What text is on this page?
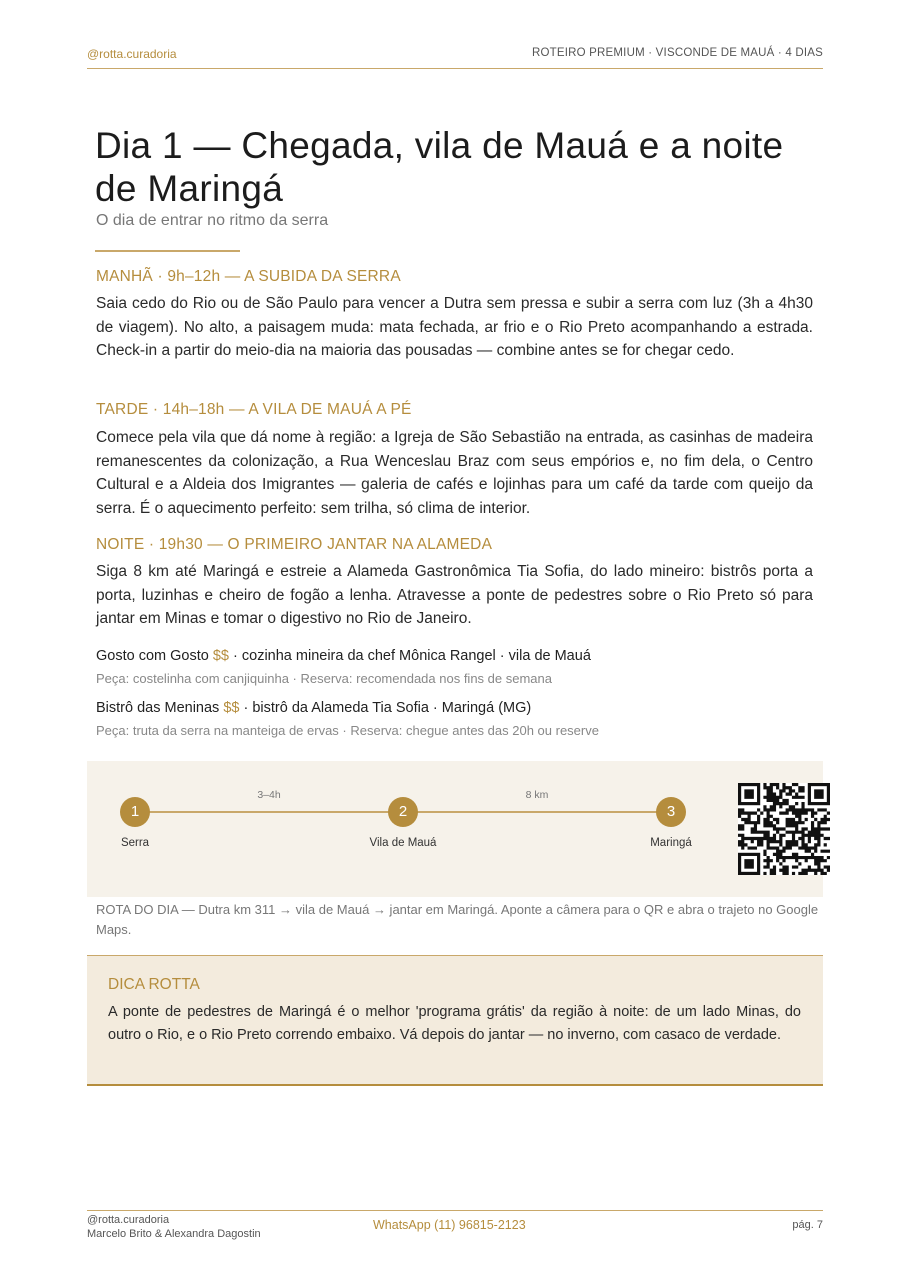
@rotta.curadoria	ROTEIRO PREMIUM · VISCONDE DE MAUÁ · 4 DIAS
Dia 1 — Chegada, vila de Mauá e a noite de Maringá
O dia de entrar no ritmo da serra
MANHÃ · 9h–12h — A SUBIDA DA SERRA

Saia cedo do Rio ou de São Paulo para vencer a Dutra sem pressa e subir a serra com luz (3h a 4h30 de viagem). No alto, a paisagem muda: mata fechada, ar frio e o Rio Preto acompanhando a estrada. Check-in a partir do meio-dia na maioria das pousadas — combine antes se for chegar cedo.

TARDE · 14h–18h — A VILA DE MAUÁ A PÉ

Comece pela vila que dá nome à região: a Igreja de São Sebastião na entrada, as casinhas de madeira remanescentes da colonização, a Rua Wenceslau Braz com seus empórios e, no fim dela, o Centro Cultural e a Aldeia dos Imigrantes — galeria de cafés e lojinhas para um café da tarde com queijo da serra. É o aquecimento perfeito: sem trilha, só clima de interior.

NOITE · 19h30 — O PRIMEIRO JANTAR NA ALAMEDA

Siga 8 km até Maringá e estreie a Alameda Gastronômica Tia Sofia, do lado mineiro: bistrôs porta a porta, luzinhas e cheiro de fogão a lenha. Atravesse a ponte de pedestres sobre o Rio Preto só para jantar em Minas e tomar o digestivo no Rio de Janeiro.

Gosto com Gosto $$ · cozinha mineira da chef Mônica Rangel · vila de Mauá
Peça: costelinha com canjiquinha · Reserva: recomendada nos fins de semana
Bistrô das Meninas $$ · bistrô da Alameda Tia Sofia · Maringá (MG)
Peça: truta da serra na manteiga de ervas · Reserva: chegue antes das 20h ou reserve
3–4h	8 km
1	2	3
Serra	Vila de Mauá	Maringá
ROTA DO DIA — Dutra km 311 → vila de Mauá → jantar em Maringá. Aponte a câmera para o QR e abra o trajeto no Google Maps.
DICA ROTTA

A ponte de pedestres de Maringá é o melhor 'programa grátis' da região à noite: de um lado Minas, do outro o Rio, e o Rio Preto correndo embaixo. Vá depois do jantar — no inverno, com casaco de verdade.

@rotta.curadoria
Marcelo Brito & Alexandra Dagostin
WhatsApp (11) 96815-2123	pág. 7
